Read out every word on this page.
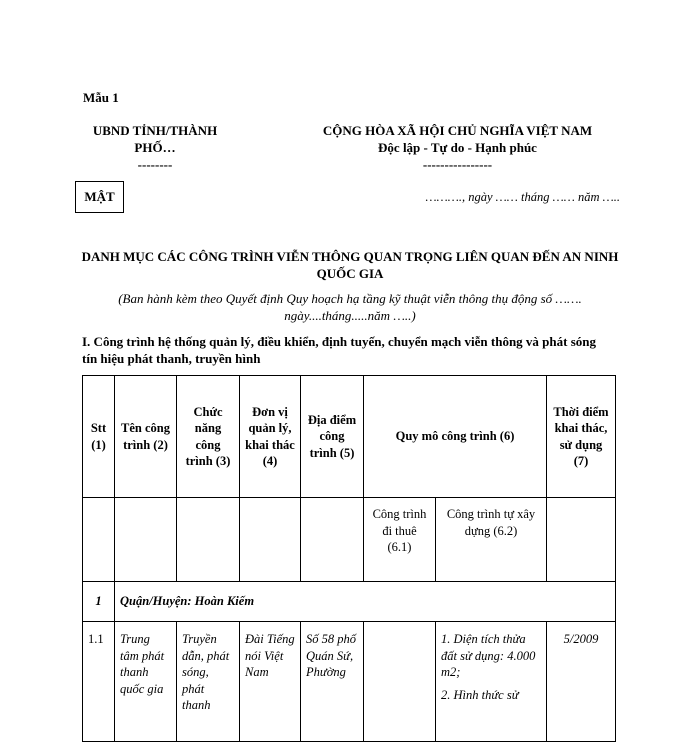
Mẫu 1
UBND TỈNH/THÀNH
PHỐ…
--------
CỘNG HÒA XÃ HỘI CHỦ NGHĨA VIỆT NAM
Độc lập - Tự do - Hạnh phúc
----------------
MẬT	………., ngày …… tháng …… năm …..
DANH MỤC CÁC CÔNG TRÌNH VIỄN THÔNG QUAN TRỌNG LIÊN QUAN ĐẾN AN NINH QUỐC GIA
(Ban hành kèm theo Quyết định Quy hoạch hạ tầng kỹ thuật viễn thông thụ động số ……. ngày....tháng.....năm …..)
I. Công trình hệ thống quản lý, điều khiển, định tuyến, chuyển mạch viễn thông và phát sóng tín hiệu phát thanh, truyền hình
Stt (1)	Tên công trình (2)	Chức năng công trình (3)	Đơn vị quản lý, khai thác (4)	Địa điểm công trình (5)	Quy mô công trình (6)		Thời điểm khai thác, sử dụng (7)
					Công trình đi thuê (6.1)	Công trình tự xây dựng (6.2)	
1	Quận/Huyện: Hoàn Kiếm						
1.1	Trung tâm phát thanh quốc gia	Truyền dẫn, phát sóng, phát thanh	Đài Tiếng nói Việt Nam	Số 58 phố Quán Sứ, Phường		1. Diện tích thửa đất sử dụng: 4.000 m2;
2. Hình thức sử	5/2009
